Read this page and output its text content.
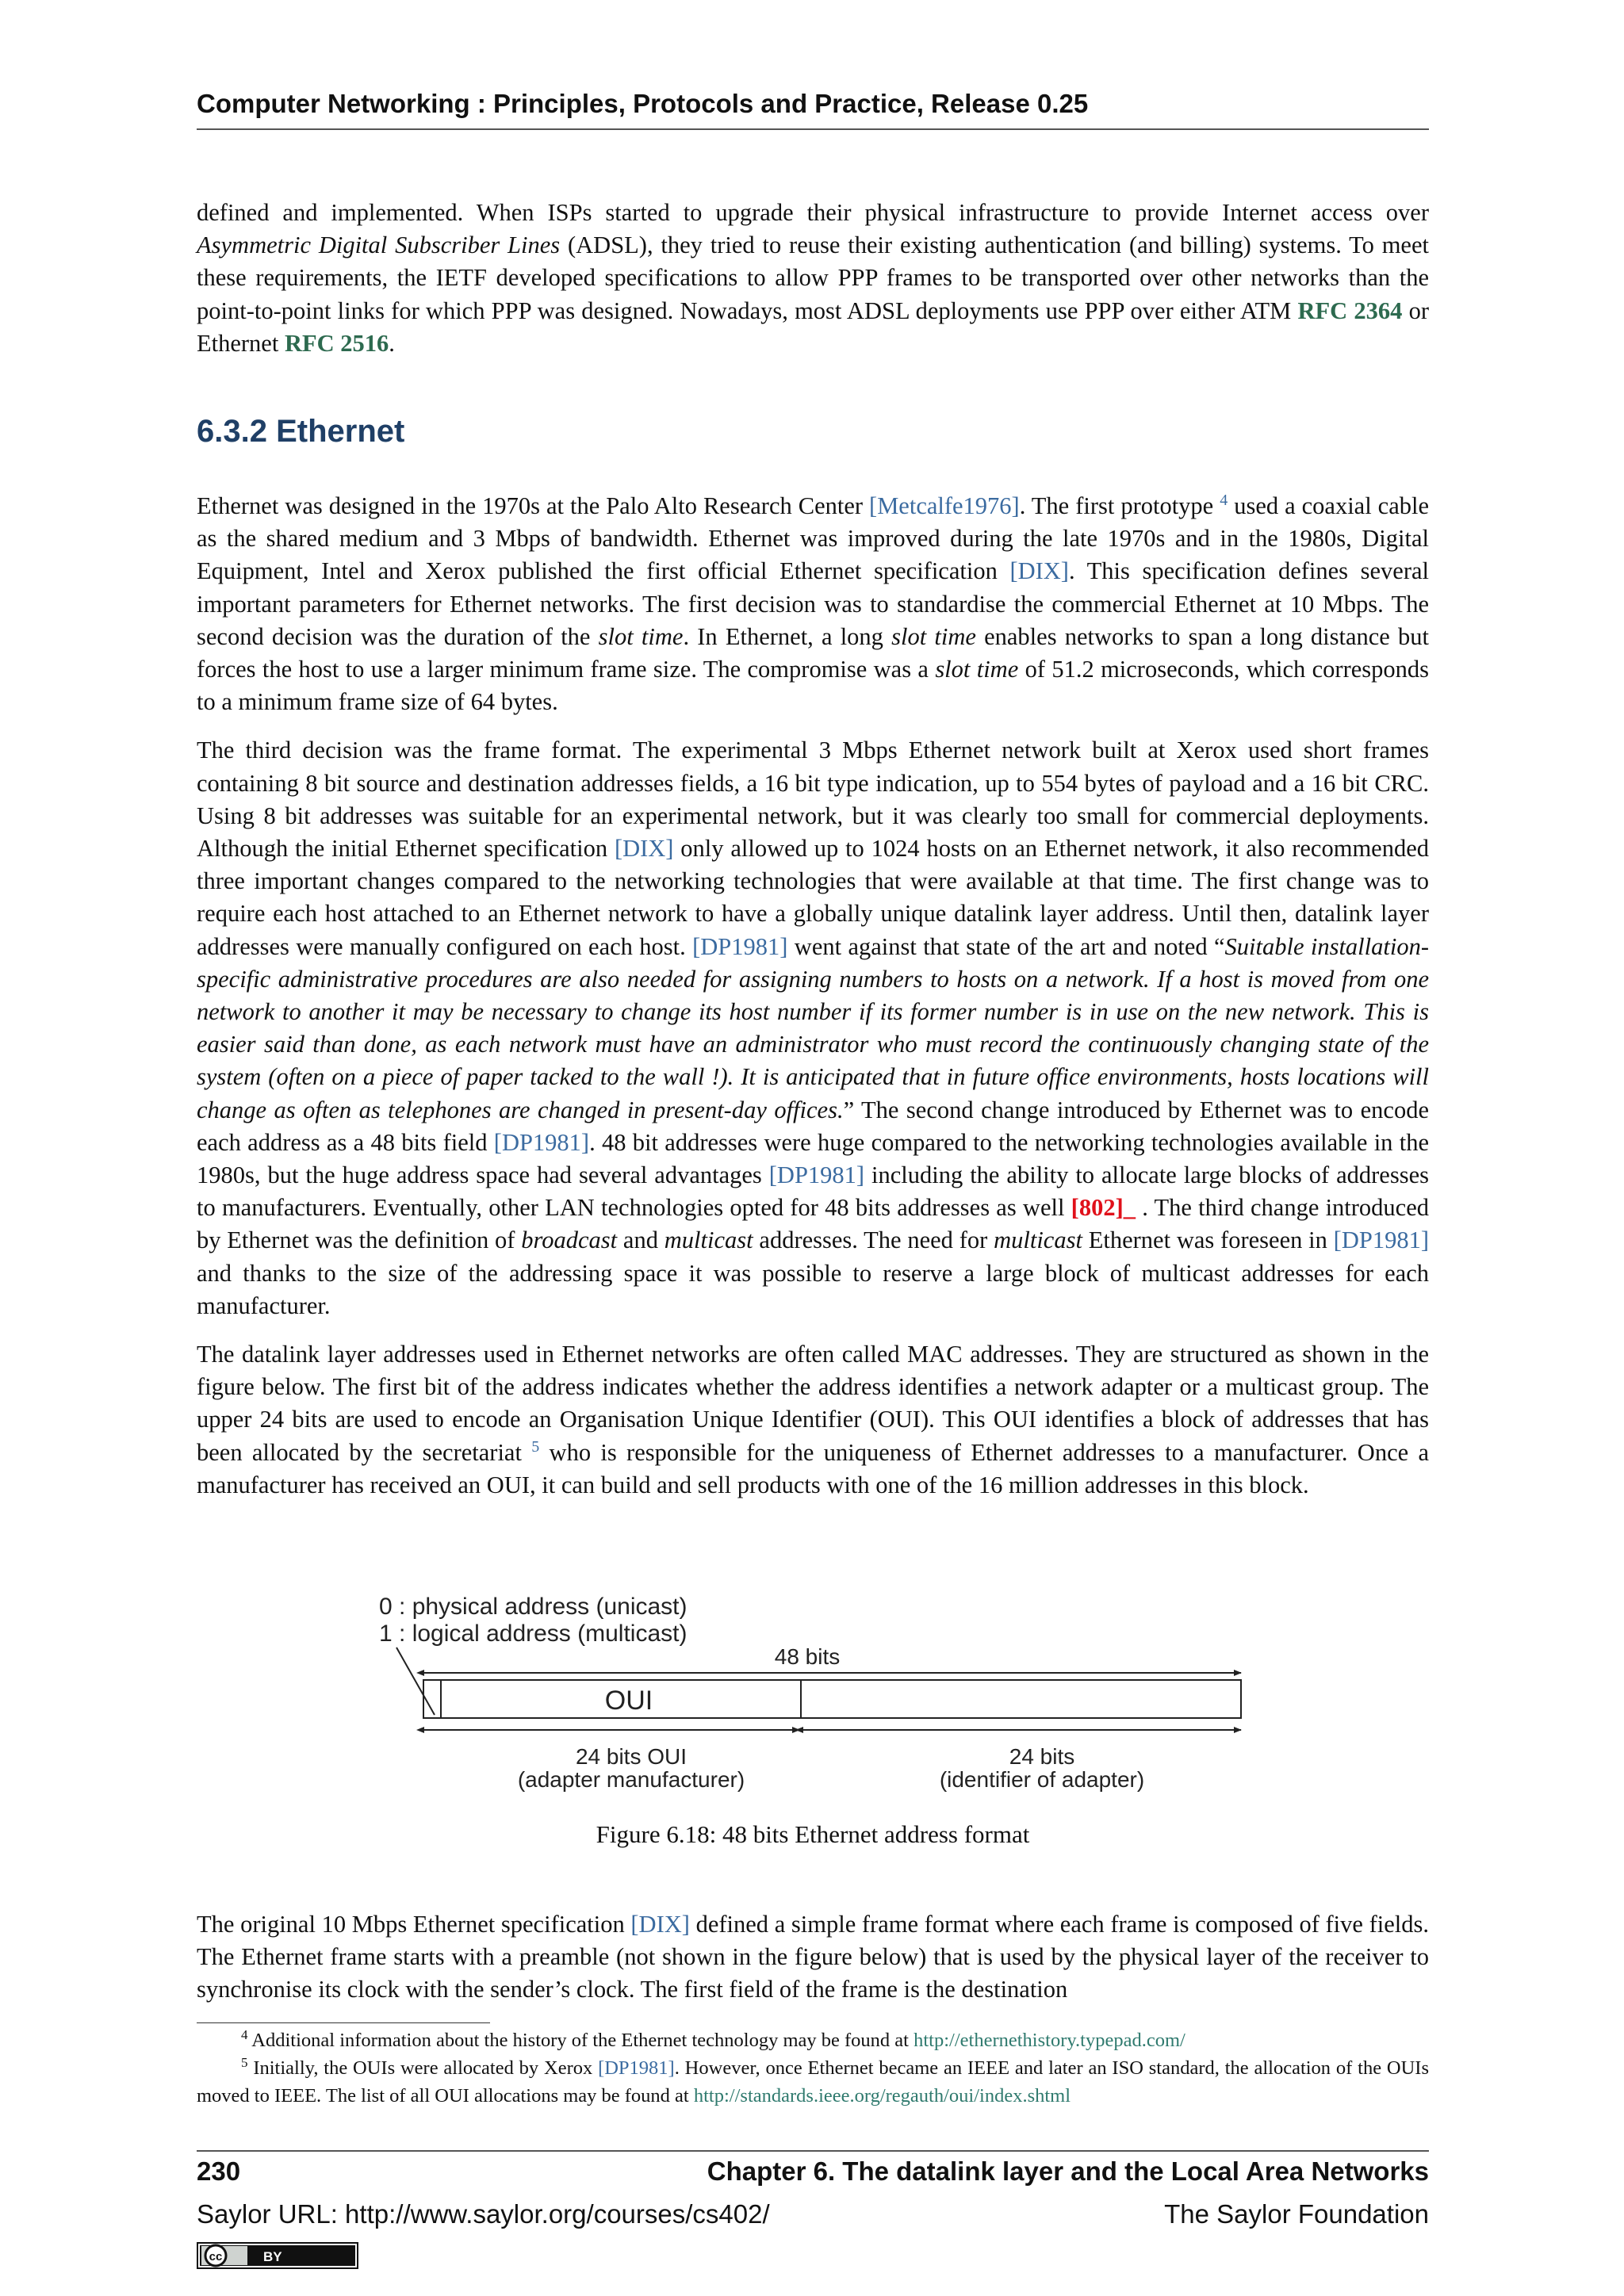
Computer Networking : Principles, Protocols and Practice, Release 0.25

defined and implemented. When ISPs started to upgrade their physical infrastructure to provide Internet access over Asymmetric Digital Subscriber Lines (ADSL), they tried to reuse their existing authentication (and billing) systems. To meet these requirements, the IETF developed specifications to allow PPP frames to be transported over other networks than the point-to-point links for which PPP was designed. Nowadays, most ADSL deployments use PPP over either ATM RFC 2364 or Ethernet RFC 2516.

6.3.2 Ethernet

Ethernet was designed in the 1970s at the Palo Alto Research Center [Metcalfe1976]. The first prototype $^4$ used a coaxial cable as the shared medium and 3 Mbps of bandwidth. Ethernet was improved during the late 1970s and in the 1980s, Digital Equipment, Intel and Xerox published the first official Ethernet specification [DIX]. This specification defines several important parameters for Ethernet networks. The first decision was to standardise the commercial Ethernet at 10 Mbps. The second decision was the duration of the slot time. In Ethernet, a long slot time enables networks to span a long distance but forces the host to use a larger minimum frame size. The compromise was a slot time of 51.2 microseconds, which corresponds to a minimum frame size of 64 bytes.

The third decision was the frame format. The experimental 3 Mbps Ethernet network built at Xerox used short frames containing 8 bit source and destination addresses fields, a 16 bit type indication, up to 554 bytes of payload and a 16 bit CRC. Using 8 bit addresses was suitable for an experimental network, but it was clearly too small for commercial deployments. Although the initial Ethernet specification [DIX] only allowed up to 1024 hosts on an Ethernet network, it also recommended three important changes compared to the networking technologies that were available at that time. The first change was to require each host attached to an Ethernet network to have a globally unique datalink layer address. Until then, datalink layer addresses were manually configured on each host. [DP1981] went against that state of the art and noted “Suitable installation-specific administrative procedures are also needed for assigning numbers to hosts on a network. If a host is moved from one network to another it may be necessary to change its host number if its former number is in use on the new network. This is easier said than done, as each network must have an administrator who must record the continuously changing state of the system (often on a piece of paper tacked to the wall !). It is anticipated that in future office environments, hosts locations will change as often as telephones are changed in present-day offices.” The second change introduced by Ethernet was to encode each address as a 48 bits field [DP1981]. 48 bit addresses were huge compared to the networking technologies available in the 1980s, but the huge address space had several advantages [DP1981] including the ability to allocate large blocks of addresses to manufacturers. Eventually, other LAN technologies opted for 48 bits addresses as well [802]_ . The third change introduced by Ethernet was the definition of broadcast and multicast addresses. The need for multicast Ethernet was foreseen in [DP1981] and thanks to the size of the addressing space it was possible to reserve a large block of multicast addresses for each manufacturer.

The datalink layer addresses used in Ethernet networks are often called MAC addresses. They are structured as shown in the figure below. The first bit of the address indicates whether the address identifies a network adapter or a multicast group. The upper 24 bits are used to encode an Organisation Unique Identifier (OUI). This OUI identifies a block of addresses that has been allocated by the secretariat $^5$ who is responsible for the uniqueness of Ethernet addresses to a manufacturer. Once a manufacturer has received an OUI, it can build and sell products with one of the 16 million addresses in this block.

0 : physical address (unicast)
1 : logical address (multicast)
48 bits
OUI
24 bits OUI
(adapter manufacturer)
24 bits
(identifier of adapter)
Figure 6.18: 48 bits Ethernet address format

The original 10 Mbps Ethernet specification [DIX] defined a simple frame format where each frame is composed of five fields. The Ethernet frame starts with a preamble (not shown in the figure below) that is used by the physical layer of the receiver to synchronise its clock with the sender’s clock. The first field of the frame is the destination

$^4$ Additional information about the history of the Ethernet technology may be found at http://ethernethistory.typepad.com/

$^5$ Initially, the OUIs were allocated by Xerox [DP1981]. However, once Ethernet became an IEEE and later an ISO standard, the allocation of the OUIs moved to IEEE. The list of all OUI allocations may be found at http://standards.ieee.org/regauth/oui/index.shtml

230	Chapter 6. The datalink layer and the Local Area Networks
Saylor URL: http://www.saylor.org/courses/cs402/	The Saylor Foundation
cc	BY
